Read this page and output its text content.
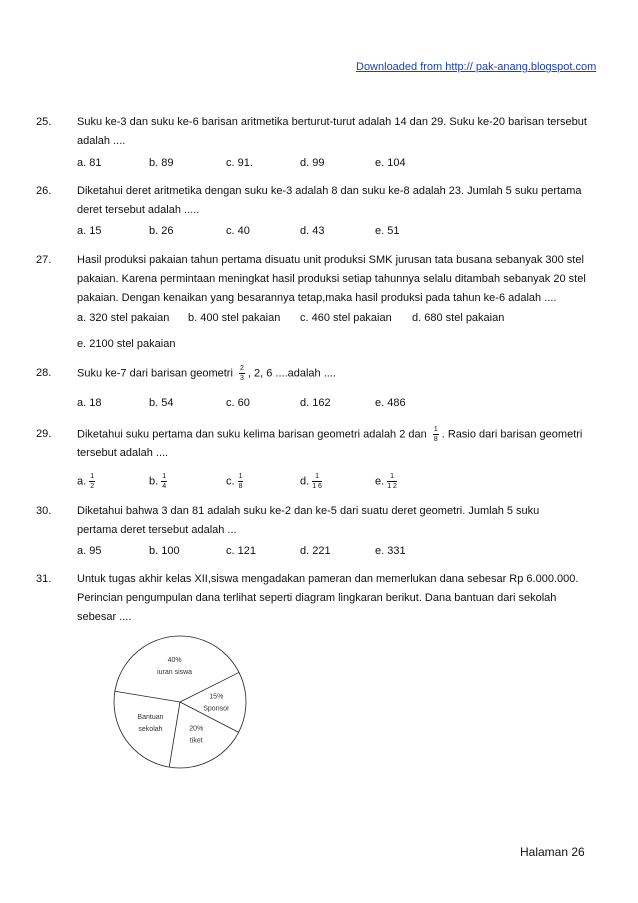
Downloaded from http:// pak-anang.blogspot.com
25.	Suku ke-3 dan suku ke-6 barisan aritmetika berturut-turut adalah 14 dan 29. Suku ke-20 barisan tersebut
adalah ....
a. 81	b. 89	c. 91.	d. 99	e. 104
26.	Diketahui deret aritmetika dengan suku ke-3 adalah 8 dan suku ke-8 adalah 23. Jumlah 5 suku pertama
deret tersebut adalah .....
a. 15	b. 26	c. 40	d. 43	e. 51
27.	Hasil produksi pakaian tahun pertama disuatu unit produksi SMK jurusan tata busana sebanyak 300 stel
pakaian. Karena permintaan meningkat hasil produksi setiap tahunnya selalu ditambah sebanyak 20 stel
pakaian. Dengan kenaikan yang besarannya tetap,maka hasil produksi pada tahun ke-6 adalah ....
a. 320 stel pakaian b. 400 stel pakaian c. 460 stel pakaian d. 680 stel pakaian
e. 2100 stel pakaian
28.	Suku ke-7 dari barisan geometri $\frac{2}{3}$ , 2, 6 ....adalah ....
a. 18	b. 54	c. 60	d. 162	e. 486
29.	Diketahui suku pertama dan suku kelima barisan geometri adalah 2 dan $\frac{1}{8}$ . Rasio dari barisan geometri
tersebut adalah ....
a. $\frac{1}{2}$	b. $\frac{1}{4}$	c. $\frac{1}{8}$	d. $\frac{1}{1 6}$	e. $\frac{1}{1 2}$
30.	Diketahui bahwa 3 dan 81 adalah suku ke-2 dan ke-5 dari suatu deret geometri. Jumlah 5 suku
pertama deret tersebut adalah ...
a. 95	b. 100	c. 121	d. 221	e. 331
31.	Untuk tugas akhir kelas XII,siswa mengadakan pameran dan memerlukan dana sebesar Rp 6.000.000.
Perincian pengumpulan dana terlihat seperti diagram lingkaran berikut. Dana bantuan dari sekolah
sebesar ....
40%
iuran siswa
15%
Sponsor
20%
tiket
Bantuan
sekolah
Halaman 26
